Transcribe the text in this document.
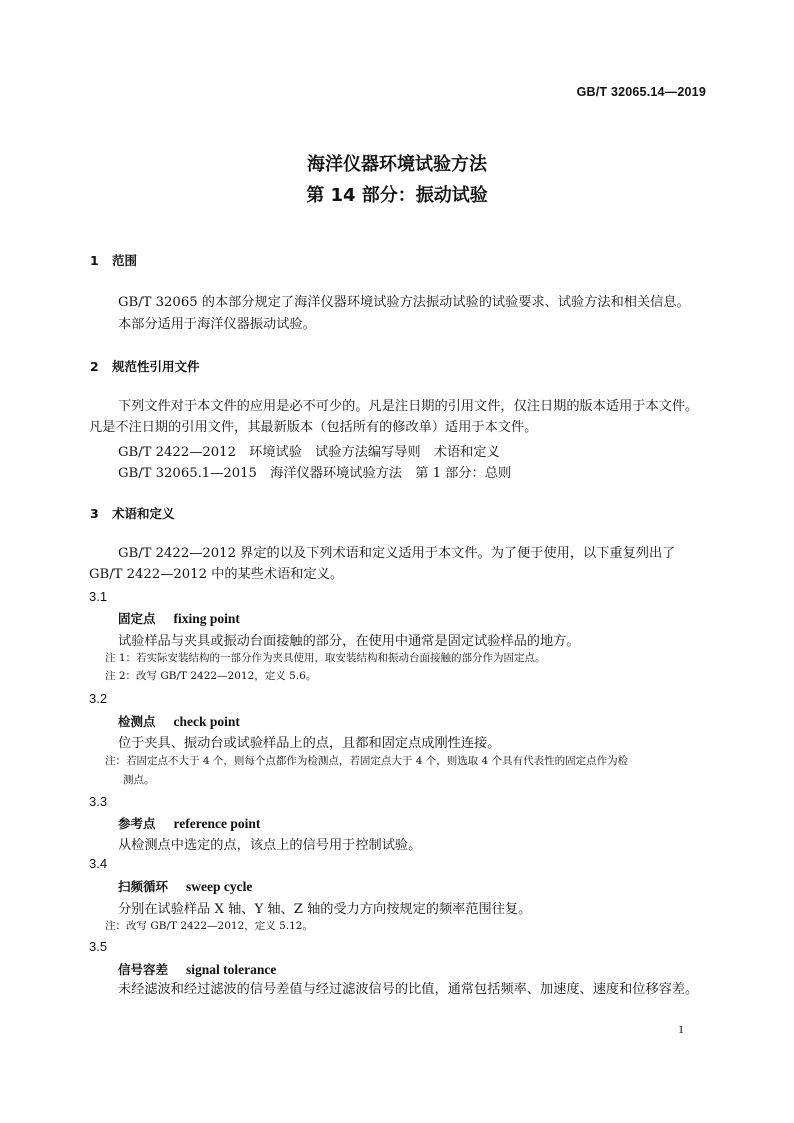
GB/T 32065.14—2019
海洋仪器环境试验方法
第 14 部分：振动试验
1 范围
GB/T 32065 的本部分规定了海洋仪器环境试验方法振动试验的试验要求、试验方法和相关信息。
本部分适用于海洋仪器振动试验。
2 规范性引用文件
下列文件对于本文件的应用是必不可少的。凡是注日期的引用文件，仅注日期的版本适用于本文件。凡是不注日期的引用文件，其最新版本（包括所有的修改单）适用于本文件。
GB/T 2422—2012　环境试验　试验方法编写导则　术语和定义
GB/T 32065.1—2015　海洋仪器环境试验方法　第 1 部分：总则
3 术语和定义
GB/T 2422—2012 界定的以及下列术语和定义适用于本文件。为了便于使用，以下重复列出了GB/T 2422—2012 中的某些术语和定义。
3.1
固定点 fixing point
试验样品与夹具或振动台面接触的部分，在使用中通常是固定试验样品的地方。
注 1：若实际安装结构的一部分作为夹具使用，取安装结构和振动台面接触的部分作为固定点。
注 2：改写 GB/T 2422—2012，定义 5.6。
3.2
检测点 check point
位于夹具、振动台或试验样品上的点，且都和固定点成刚性连接。
注：若固定点不大于 4 个，则每个点都作为检测点，若固定点大于 4 个，则选取 4 个具有代表性的固定点作为检
测点。
3.3
参考点 reference point
从检测点中选定的点，该点上的信号用于控制试验。
3.4
扫频循环 sweep cycle
分别在试验样品 X 轴、Y 轴、Z 轴的受力方向按规定的频率范围往复。
注：改写 GB/T 2422—2012，定义 5.12。
3.5
信号容差 signal tolerance
未经滤波和经过滤波的信号差值与经过滤波信号的比值，通常包括频率、加速度、速度和位移容差。
1
